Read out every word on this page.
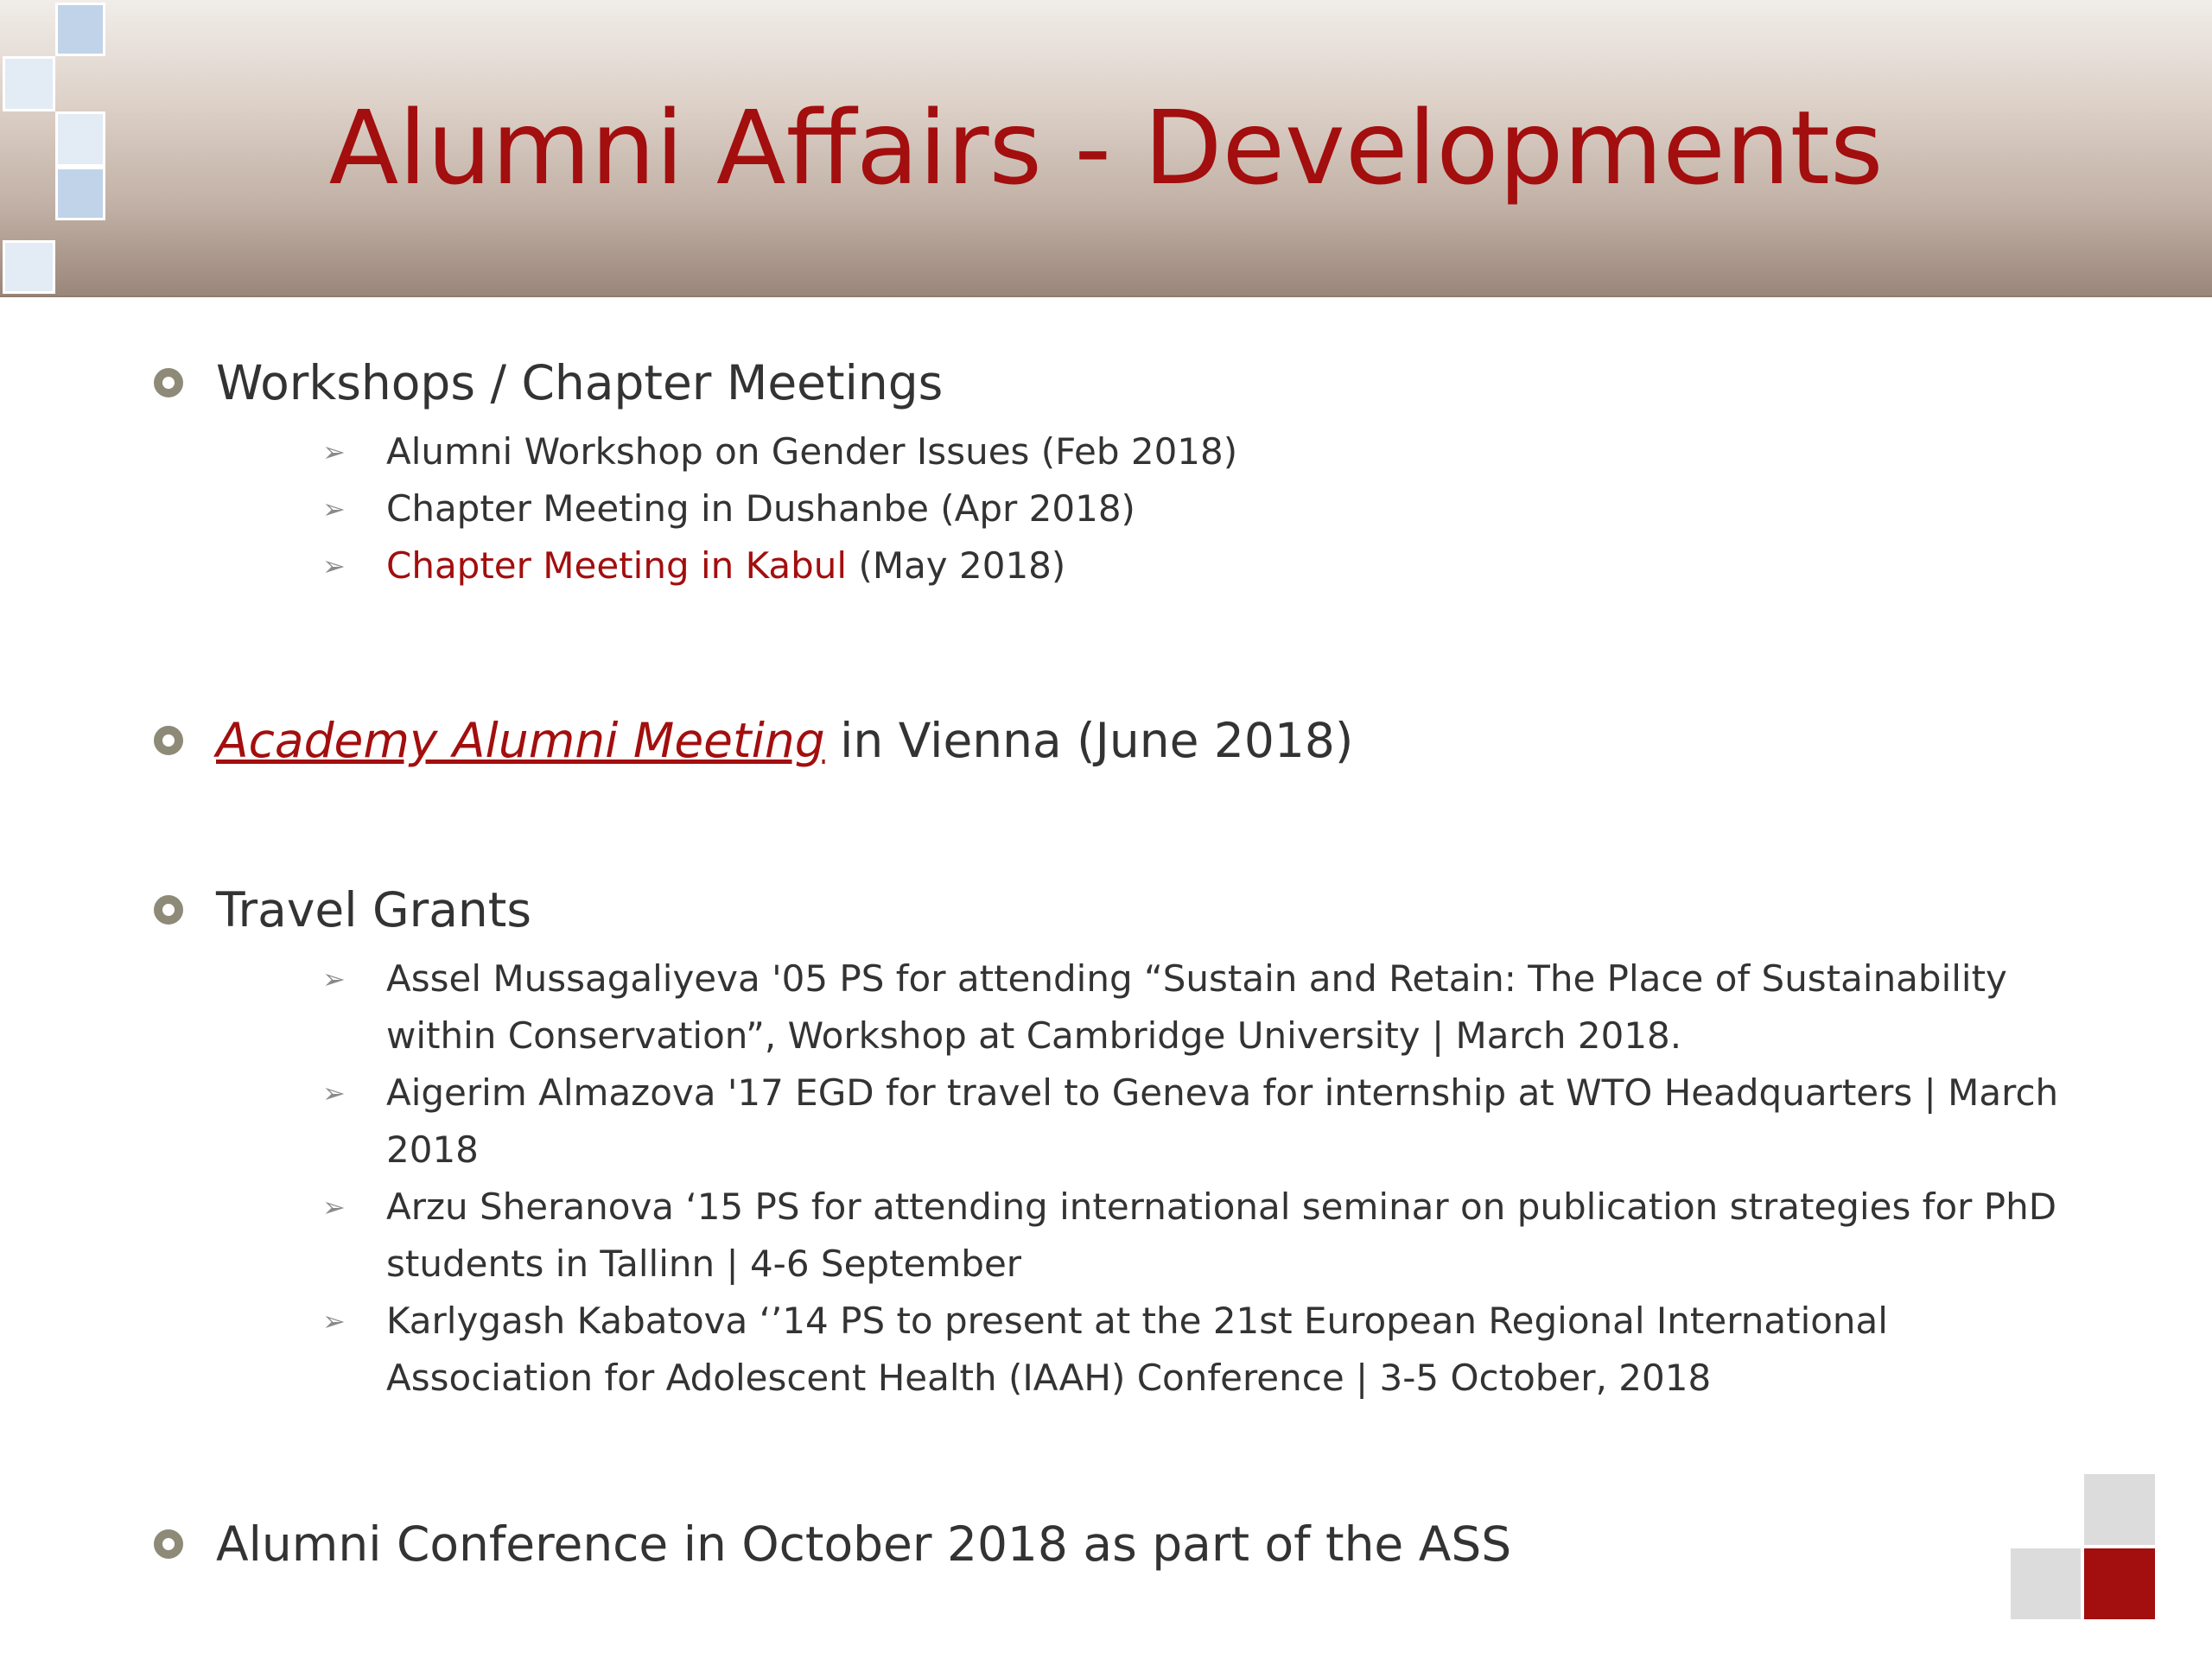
Alumni Affairs - Developments
Workshops / Chapter Meetings
➢ Alumni Workshop on Gender Issues (Feb 2018)
➢ Chapter Meeting in Dushanbe (Apr 2018)
➢ Chapter Meeting in Kabul (May 2018)
Academy Alumni Meeting in Vienna (June 2018)
Travel Grants
➢ Assel Mussagaliyeva '05 PS for attending “Sustain and Retain: The Place of Sustainability within Conservation”, Workshop at Cambridge University | March 2018.
➢ Aigerim Almazova '17 EGD for travel to Geneva for internship at WTO Headquarters | March 2018
➢ Arzu Sheranova ‘15 PS for attending international seminar on publication strategies for PhD students in Tallinn | 4-6 September
➢ Karlygash Kabatova ‘’14 PS to present at the 21st European Regional International Association for Adolescent Health (IAAH) Conference | 3-5 October, 2018
Alumni Conference in October 2018 as part of the ASS
